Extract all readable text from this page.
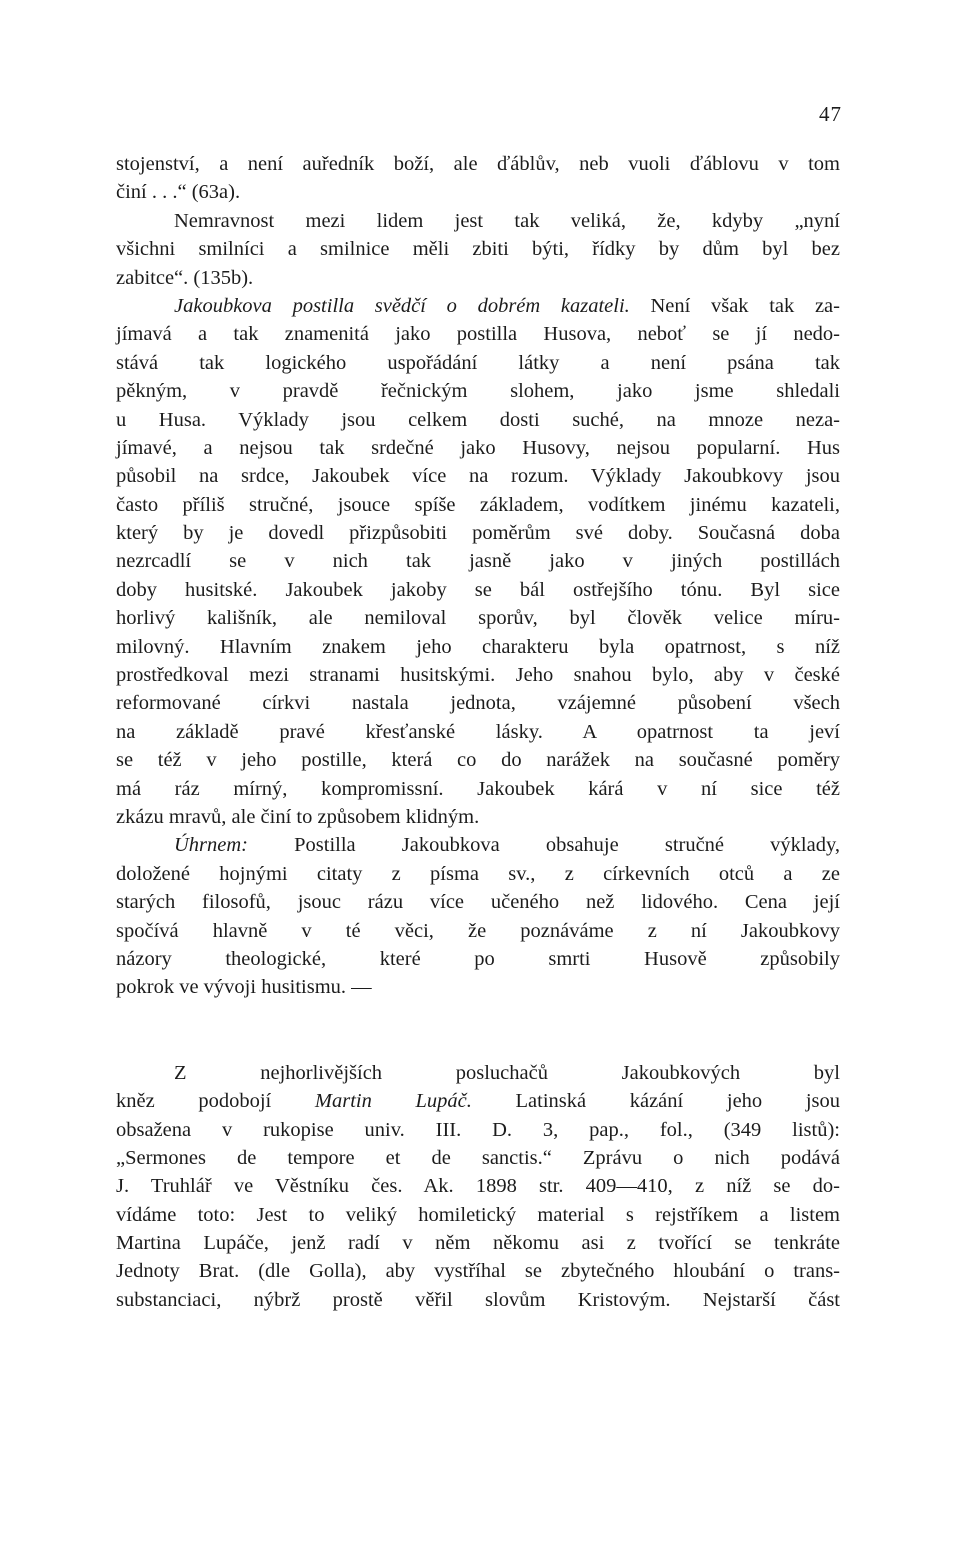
47
stojenství, a není auředník boží, ale ďáblův, neb vuoli ďáblovu v tom
činí . . .“ (63a).
Nemravnost mezi lidem jest tak veliká, že, kdyby „nyní
všichni smilníci a smilnice měli zbiti býti, řídky by dům byl bez
zabitce“. (135b).
Jakoubkova postilla svědčí o dobrém kazateli. Není však tak za-
jímavá a tak znamenitá jako postilla Husova, neboť se jí nedo-
stává tak logického uspořádání látky a není psána tak
pěkným, v pravdě řečnickým slohem, jako jsme shledali
u Husa. Výklady jsou celkem dosti suché, na mnoze neza-
jímavé, a nejsou tak srdečné jako Husovy, nejsou popularní. Hus
působil na srdce, Jakoubek více na rozum. Výklady Jakoubkovy jsou
často příliš stručné, jsouce spíše základem, vodítkem jinému kazateli,
který by je dovedl přizpůsobiti poměrům své doby. Současná doba
nezrcadlí se v nich tak jasně jako v jiných postillách
doby husitské. Jakoubek jakoby se bál ostřejšího tónu. Byl sice
horlivý kališník, ale nemiloval sporův, byl člověk velice míru-
milovný. Hlavním znakem jeho charakteru byla opatrnost, s níž
prostředkoval mezi stranami husitskými. Jeho snahou bylo, aby v české
reformované církvi nastala jednota, vzájemné působení všech
na základě pravé křesťanské lásky. A opatrnost ta jeví
se též v jeho postille, která co do narážek na současné poměry
má ráz mírný, kompromissní. Jakoubek kárá v ní sice též
zkázu mravů, ale činí to způsobem klidným.
Úhrnem: Postilla Jakoubkova obsahuje stručné výklady,
doložené hojnými citaty z písma sv., z církevních otců a ze
starých filosofů, jsouc rázu více učeného než lidového. Cena její
spočívá hlavně v té věci, že poznáváme z ní Jakoubkovy
názory theologické, které po smrti Husově způsobily
pokrok ve vývoji husitismu. —
Z nejhorlivějších posluchačů Jakoubkových byl
kněz podobojí Martin Lupáč. Latinská kázání jeho jsou
obsažena v rukopise univ. III. D. 3, pap., fol., (349 listů):
„Sermones de tempore et de sanctis.“ Zprávu o nich podává
J. Truhlář ve Věstníku čes. Ak. 1898 str. 409—410, z níž se do-
vídáme toto: Jest to veliký homiletický material s rejstříkem a listem
Martina Lupáče, jenž radí v něm někomu asi z tvořící se tenkráte
Jednoty Brat. (dle Golla), aby vystříhal se zbytečného hloubání o trans-
substanciaci, nýbrž prostě věřil slovům Kristovým. Nejstarší část
